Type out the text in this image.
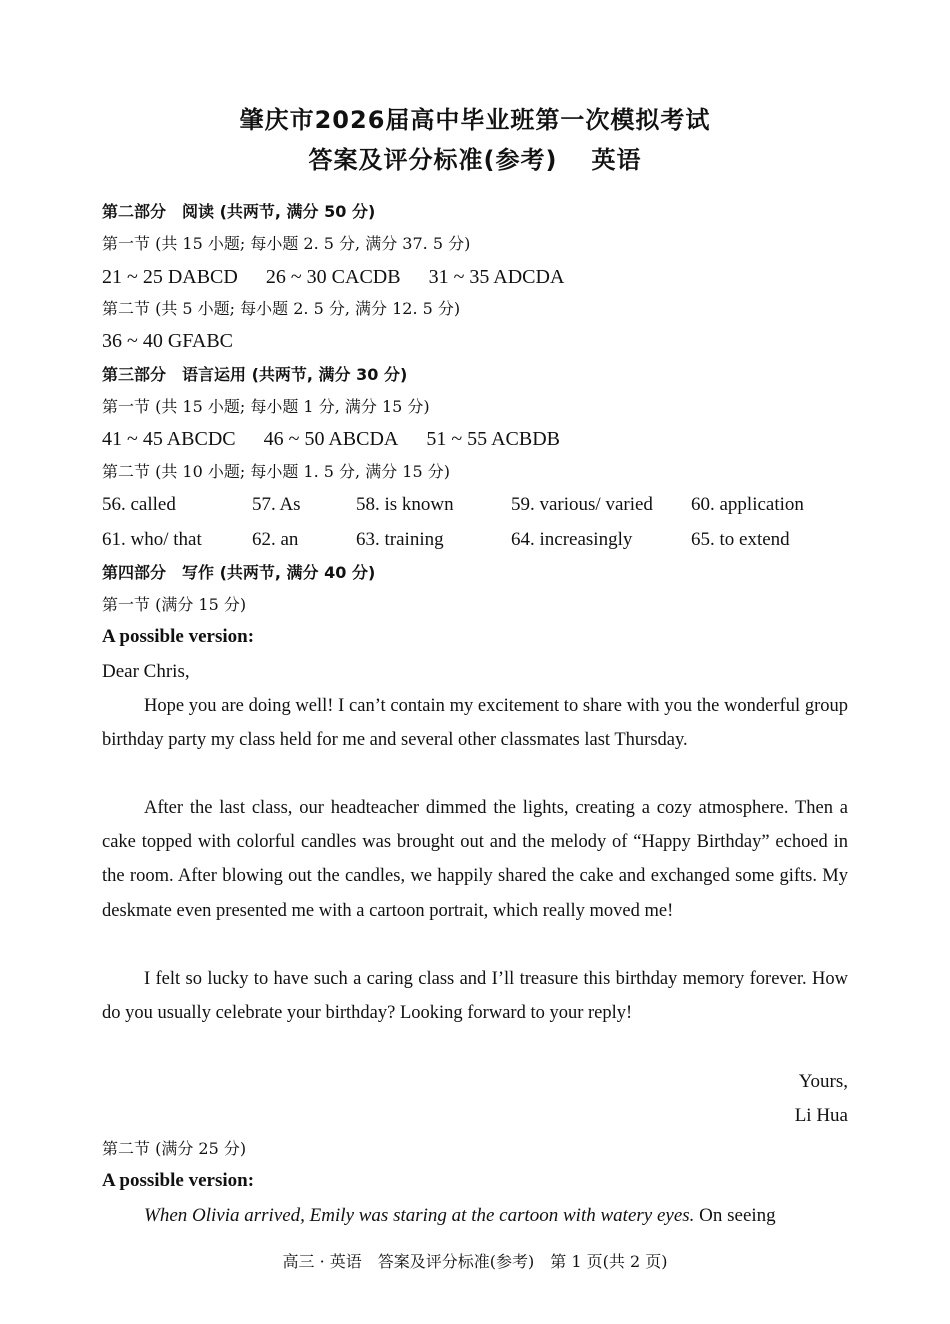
肇庆市2026届高中毕业班第一次模拟考试
答案及评分标准(参考) 英语
第二部分　阅读 (共两节, 满分 50 分)
第一节 (共 15 小题; 每小题 2. 5 分, 满分 37. 5 分)
21 ~ 25 DABCD 26 ~ 30 CACDB 31 ~ 35 ADCDA
第二节 (共 5 小题; 每小题 2. 5 分, 满分 12. 5 分)
36 ~ 40 GFABC
第三部分　语言运用 (共两节, 满分 30 分)
第一节 (共 15 小题; 每小题 1 分, 满分 15 分)
41 ~ 45 ABCDC 46 ~ 50 ABCDA 51 ~ 55 ACBDB
第二节 (共 10 小题; 每小题 1. 5 分, 满分 15 分)
56. called	57. As	58. is known	59. various/ varied 60. application
61. who/ that	62. an	63. training	64. increasingly	65. to extend
第四部分　写作 (共两节, 满分 40 分)
第一节 (满分 15 分)
A possible version:
Dear Chris,
Hope you are doing well! I can’t contain my excitement to share with you the wonderful group birthday party my class held for me and several other classmates last Thursday.
After the last class, our headteacher dimmed the lights, creating a cozy atmosphere. Then a cake topped with colorful candles was brought out and the melody of “Happy Birthday” echoed in the room. After blowing out the candles, we happily shared the cake and exchanged some gifts. My deskmate even presented me with a cartoon portrait, which really moved me!
I felt so lucky to have such a caring class and I’ll treasure this birthday memory forever. How do you usually celebrate your birthday? Looking forward to your reply!
Yours,
Li Hua
第二节 (满分 25 分)
A possible version:
When Olivia arrived, Emily was staring at the cartoon with watery eyes. On seeing
高三 · 英语　答案及评分标准(参考)　第 1 页(共 2 页)
